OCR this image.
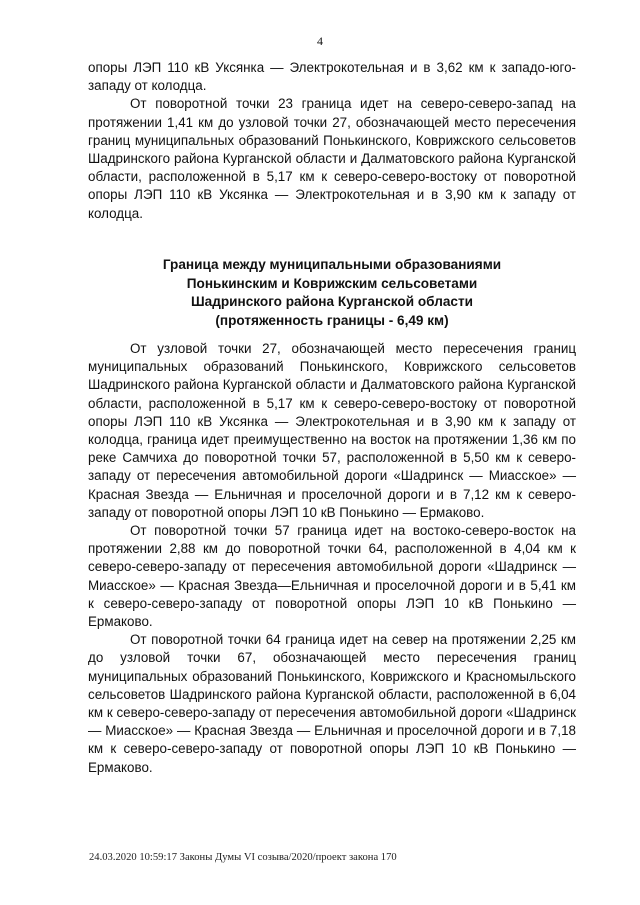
4

опоры ЛЭП 110 кВ Уксянка — Электрокотельная и в 3,62 км к западо-юго-западу от колодца.

От поворотной точки 23 граница идет на северо-северо-запад на протяжении 1,41 км до узловой точки 27, обозначающей место пересечения границ муниципальных образований Понькинского, Коврижского сельсоветов Шадринского района Курганской области и Далматовского района Курганской области, расположенной в 5,17 км к северо-северо-востоку от поворотной опоры ЛЭП 110 кВ Уксянка — Электрокотельная и в 3,90 км к западу от колодца.

Граница между муниципальными образованиями
Понькинским и Коврижским сельсоветами
Шадринского района Курганской области
(протяженность границы - 6,49 км)

От узловой точки 27, обозначающей место пересечения границ муниципальных образований Понькинского, Коврижского сельсоветов Шадринского района Курганской области и Далматовского района Курганской области, расположенной в 5,17 км к северо-северо-востоку от поворотной опоры ЛЭП 110 кВ Уксянка — Электрокотельная и в 3,90 км к западу от колодца, граница идет преимущественно на восток на протяжении 1,36 км по реке Самчиха до поворотной точки 57, расположенной в 5,50 км к северо-западу от пересечения автомобильной дороги «Шадринск — Миасское» —Красная Звезда — Ельничная и проселочной дороги и в 7,12 км к северо-западу от поворотной опоры ЛЭП 10 кВ Понькино — Ермаково.

От поворотной точки 57 граница идет на востоко-северо-восток на протяжении 2,88 км до поворотной точки 64, расположенной в 4,04 км к северо-северо-западу от пересечения автомобильной дороги «Шадринск — Миасское» — Красная Звезда—Ельничная и проселочной дороги и в 5,41 км к северо-северо-западу от поворотной опоры ЛЭП 10 кВ Понькино — Ермаково.

От поворотной точки 64 граница идет на север на протяжении 2,25 км до узловой точки 67, обозначающей место пересечения границ муниципальных образований Понькинского, Коврижского и Красномыльского сельсоветов Шадринского района Курганской области, расположенной в 6,04 км к северо-северо-западу от пересечения автомобильной дороги «Шадринск — Миасское» — Красная Звезда — Ельничная и проселочной дороги и в 7,18 км к северо-северо-западу от поворотной опоры ЛЭП 10 кВ Понькино — Ермаково.

24.03.2020 10:59:17 Законы Думы VI созыва/2020/проект закона 170
